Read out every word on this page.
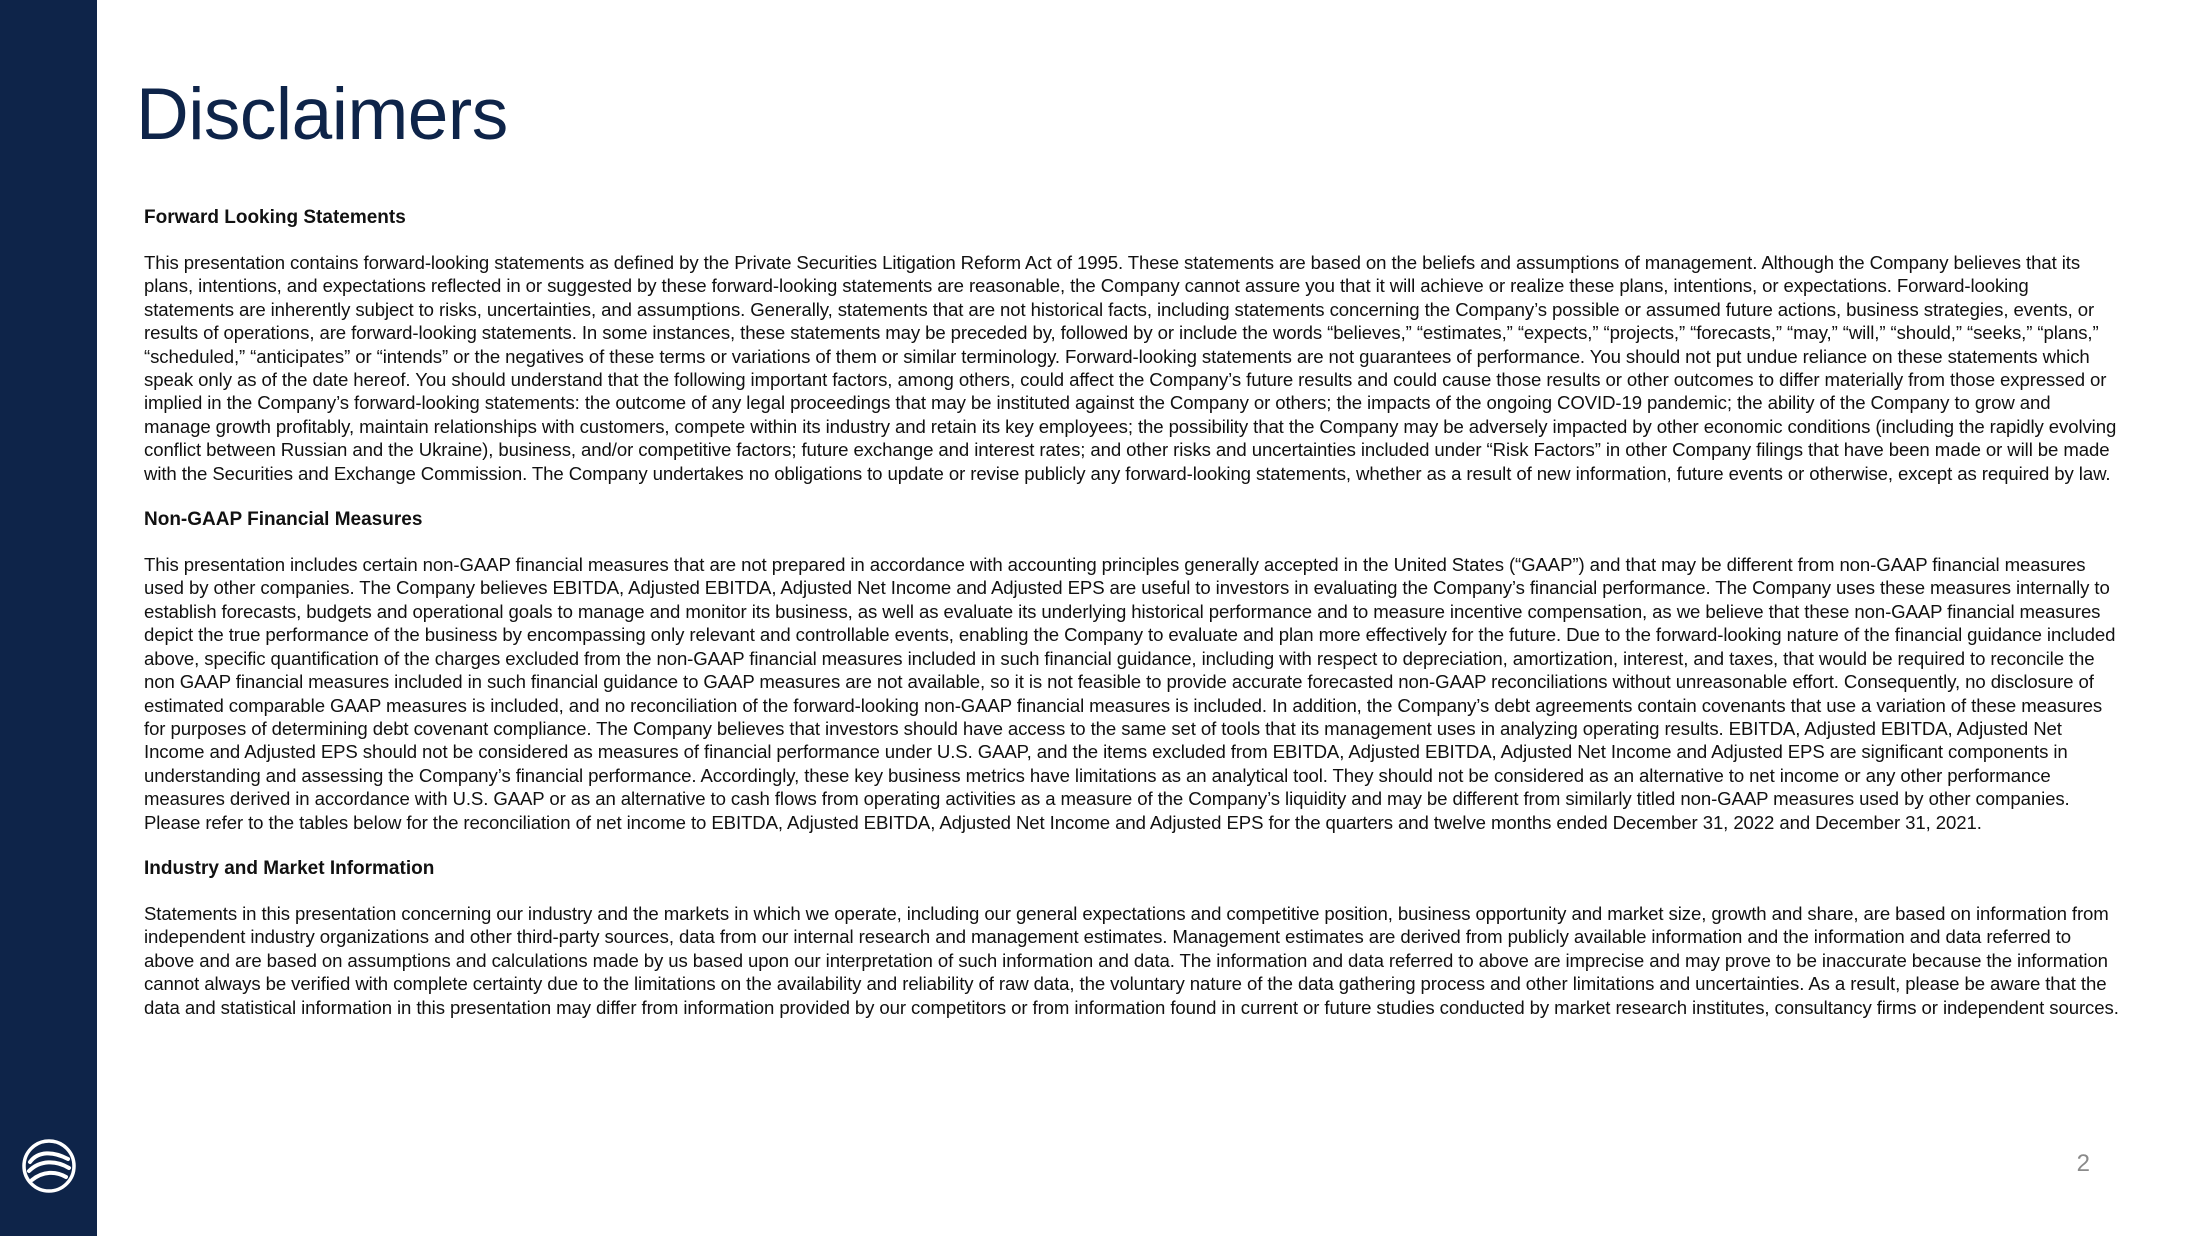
Disclaimers
Forward Looking Statements

This presentation contains forward-looking statements as defined by the Private Securities Litigation Reform Act of 1995. These statements are based on the beliefs and assumptions of management. Although the Company believes that its plans, intentions, and expectations reflected in or suggested by these forward-looking statements are reasonable, the Company cannot assure you that it will achieve or realize these plans, intentions, or expectations. Forward-looking statements are inherently subject to risks, uncertainties, and assumptions. Generally, statements that are not historical facts, including statements concerning the Company’s possible or assumed future actions, business strategies, events, or results of operations, are forward-looking statements. In some instances, these statements may be preceded by, followed by or include the words “believes,” “estimates,” “expects,” “projects,” “forecasts,” “may,” “will,” “should,” “seeks,” “plans,” “scheduled,” “anticipates” or “intends” or the negatives of these terms or variations of them or similar terminology. Forward-looking statements are not guarantees of performance. You should not put undue reliance on these statements which speak only as of the date hereof. You should understand that the following important factors, among others, could affect the Company’s future results and could cause those results or other outcomes to differ materially from those expressed or implied in the Company’s forward-looking statements: the outcome of any legal proceedings that may be instituted against the Company or others; the impacts of the ongoing COVID-19 pandemic; the ability of the Company to grow and manage growth profitably, maintain relationships with customers, compete within its industry and retain its key employees; the possibility that the Company may be adversely impacted by other economic conditions (including the rapidly evolving conflict between Russian and the Ukraine), business, and/or competitive factors; future exchange and interest rates; and other risks and uncertainties included under “Risk Factors” in other Company filings that have been made or will be made with the Securities and Exchange Commission. The Company undertakes no obligations to update or revise publicly any forward-looking statements, whether as a result of new information, future events or otherwise, except as required by law.

Non-GAAP Financial Measures

This presentation includes certain non-GAAP financial measures that are not prepared in accordance with accounting principles generally accepted in the United States (“GAAP”) and that may be different from non-GAAP financial measures used by other companies. The Company believes EBITDA, Adjusted EBITDA, Adjusted Net Income and Adjusted EPS are useful to investors in evaluating the Company’s financial performance. The Company uses these measures internally to establish forecasts, budgets and operational goals to manage and monitor its business, as well as evaluate its underlying historical performance and to measure incentive compensation, as we believe that these non-GAAP financial measures depict the true performance of the business by encompassing only relevant and controllable events, enabling the Company to evaluate and plan more effectively for the future. Due to the forward-looking nature of the financial guidance included above, specific quantification of the charges excluded from the non-GAAP financial measures included in such financial guidance, including with respect to depreciation, amortization, interest, and taxes, that would be required to reconcile the non GAAP financial measures included in such financial guidance to GAAP measures are not available, so it is not feasible to provide accurate forecasted non-GAAP reconciliations without unreasonable effort. Consequently, no disclosure of estimated comparable GAAP measures is included, and no reconciliation of the forward-looking non-GAAP financial measures is included. In addition, the Company’s debt agreements contain covenants that use a variation of these measures for purposes of determining debt covenant compliance. The Company believes that investors should have access to the same set of tools that its management uses in analyzing operating results. EBITDA, Adjusted EBITDA, Adjusted Net Income and Adjusted EPS should not be considered as measures of financial performance under U.S. GAAP, and the items excluded from EBITDA, Adjusted EBITDA, Adjusted Net Income and Adjusted EPS are significant components in understanding and assessing the Company’s financial performance. Accordingly, these key business metrics have limitations as an analytical tool. They should not be considered as an alternative to net income or any other performance measures derived in accordance with U.S. GAAP or as an alternative to cash flows from operating activities as a measure of the Company’s liquidity and may be different from similarly titled non-GAAP measures used by other companies. Please refer to the tables below for the reconciliation of net income to EBITDA, Adjusted EBITDA, Adjusted Net Income and Adjusted EPS for the quarters and twelve months ended December 31, 2022 and December 31, 2021.

Industry and Market Information

Statements in this presentation concerning our industry and the markets in which we operate, including our general expectations and competitive position, business opportunity and market size, growth and share, are based on information from independent industry organizations and other third-party sources, data from our internal research and management estimates. Management estimates are derived from publicly available information and the information and data referred to above and are based on assumptions and calculations made by us based upon our interpretation of such information and data. The information and data referred to above are imprecise and may prove to be inaccurate because the information cannot always be verified with complete certainty due to the limitations on the availability and reliability of raw data, the voluntary nature of the data gathering process and other limitations and uncertainties. As a result, please be aware that the data and statistical information in this presentation may differ from information provided by our competitors or from information found in current or future studies conducted by market research institutes, consultancy firms or independent sources.

2
